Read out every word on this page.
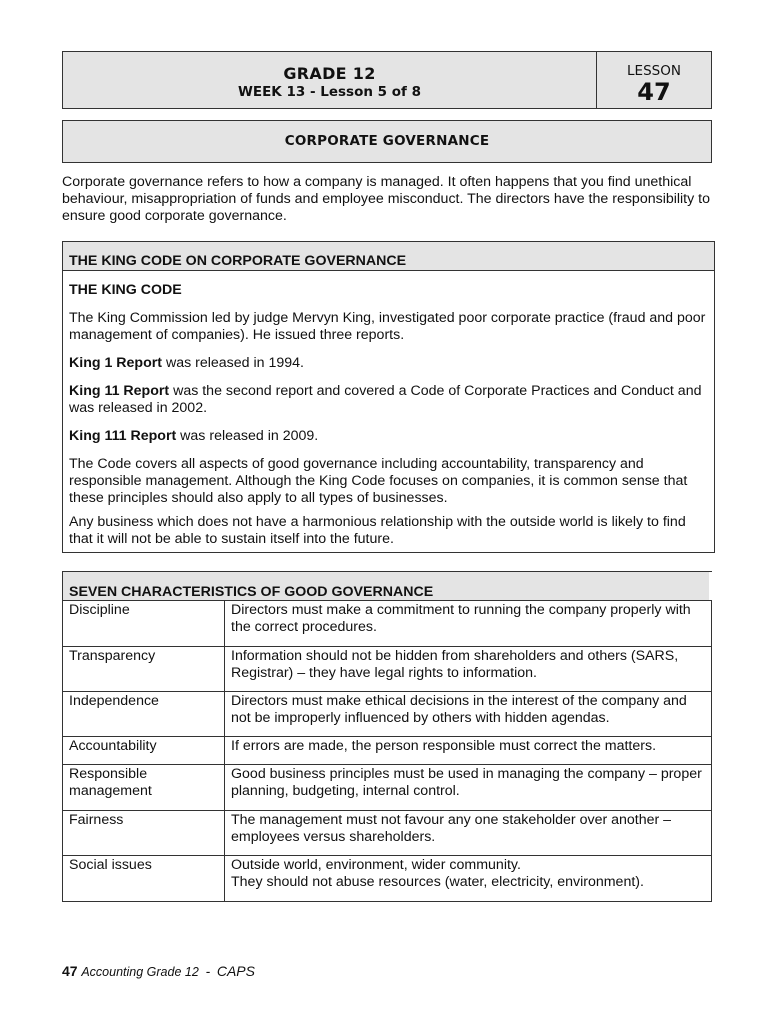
GRADE 12
WEEK 13 - Lesson 5 of 8
LESSON
47
CORPORATE GOVERNANCE

Corporate governance refers to how a company is managed. It often happens that you find unethical behaviour, misappropriation of funds and employee misconduct. The directors have the responsibility to ensure good corporate governance.

THE KING CODE ON CORPORATE GOVERNANCE

THE KING CODE

The King Commission led by judge Mervyn King, investigated poor corporate practice (fraud and poor management of companies). He issued three reports.

King 1 Report was released in 1994.

King 11 Report was the second report and covered a Code of Corporate Practices and Conduct and was released in 2002.

King 111 Report was released in 2009.

The Code covers all aspects of good governance including accountability, transparency and responsible management. Although the King Code focuses on companies, it is common sense that these principles should also apply to all types of businesses.

Any business which does not have a harmonious relationship with the outside world is likely to find that it will not be able to sustain itself into the future.

SEVEN CHARACTERISTICS OF GOOD GOVERNANCE
Discipline	Directors must make a commitment to running the company properly with the correct procedures.
Transparency	Information should not be hidden from shareholders and others (SARS, Registrar) – they have legal rights to information.
Independence	Directors must make ethical decisions in the interest of the company and not be improperly influenced by others with hidden agendas.
Accountability	If errors are made, the person responsible must correct the matters.
Responsible management	Good business principles must be used in managing the company – proper planning, budgeting, internal control.
Fairness	The management must not favour any one stakeholder over another – employees versus shareholders.
Social issues	Outside world, environment, wider community.
They should not abuse resources (water, electricity, environment).
47 Accounting Grade 12 - CAPS
